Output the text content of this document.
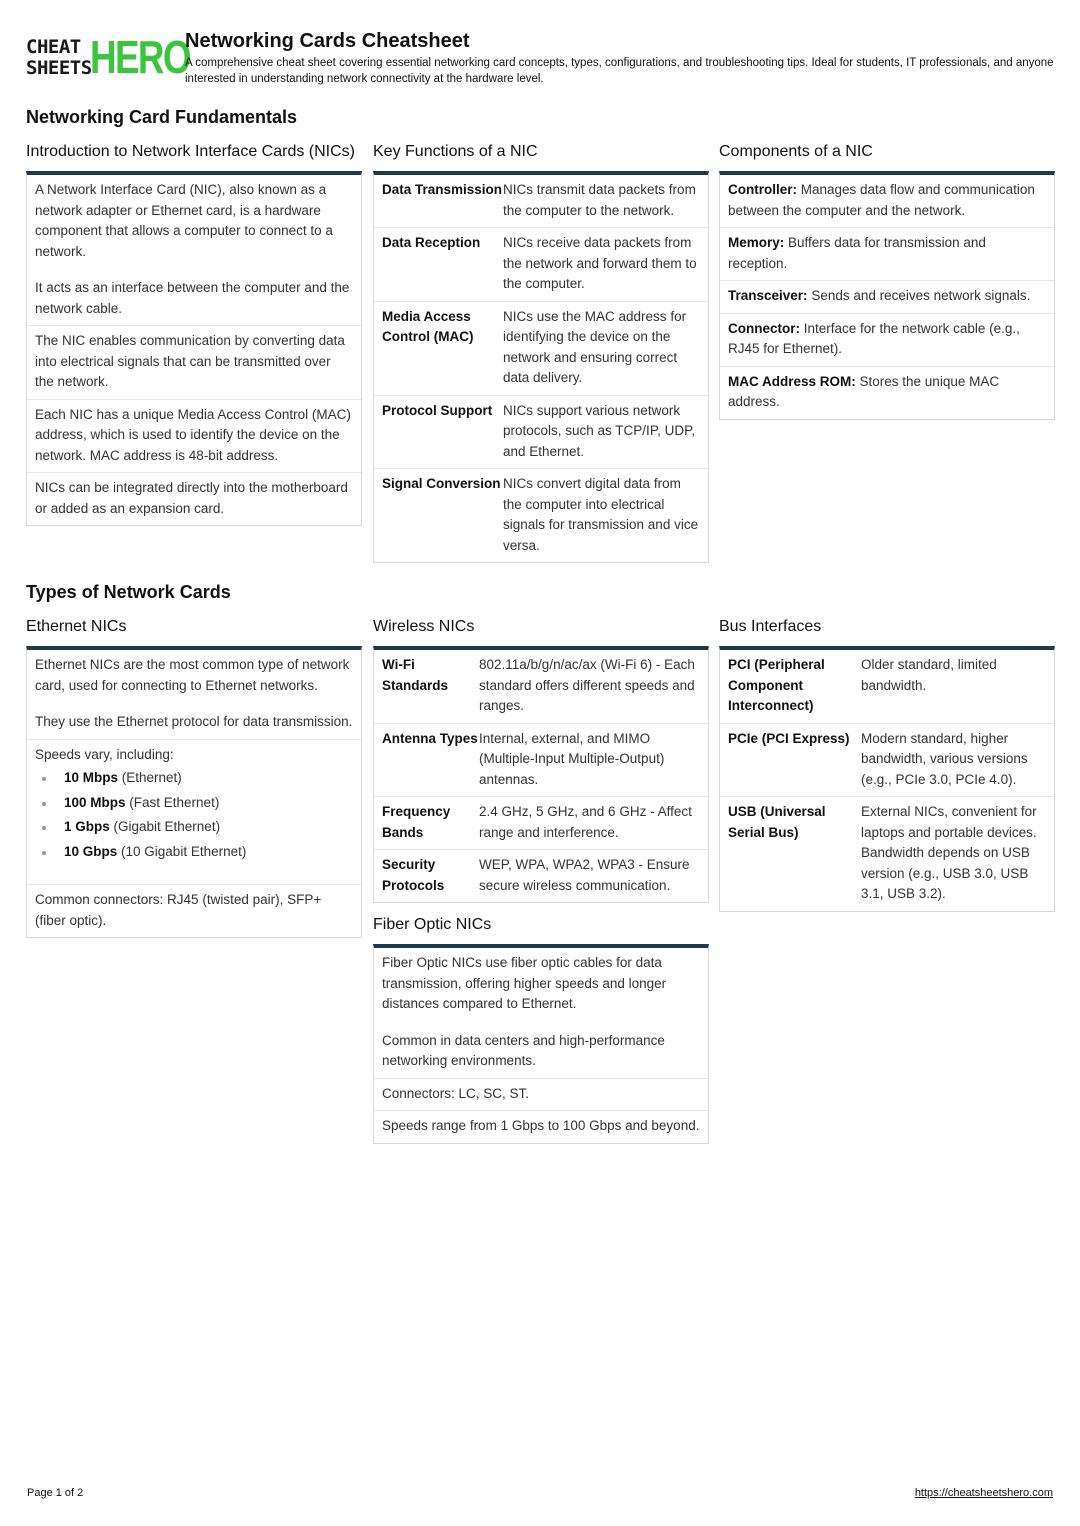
CHEAT
SHEETS
HERO
Networking Cards Cheatsheet
A comprehensive cheat sheet covering essential networking card concepts, types, configurations, and troubleshooting tips. Ideal for students, IT professionals, and anyone interested in understanding network connectivity at the hardware level.
Networking Card Fundamentals
Introduction to Network Interface Cards (NICs)

A Network Interface Card (NIC), also known as a network adapter or Ethernet card, is a hardware component that allows a computer to connect to a network.

It acts as an interface between the computer and the network cable.

The NIC enables communication by converting data into electrical signals that can be transmitted over the network.
Each NIC has a unique Media Access Control (MAC) address, which is used to identify the device on the network. MAC address is 48-bit address.
NICs can be integrated directly into the motherboard or added as an expansion card.
Key Functions of a NIC
Data Transmission NICs transmit data packets from the computer to the network.
Data Reception	NICs receive data packets from the network and forward them to the computer.
Media Access Control (MAC)
NICs use the MAC address for identifying the device on the network and ensuring correct data delivery.
Protocol Support NICs support various network protocols, such as TCP/IP, UDP, and Ethernet.
Signal Conversion NICs convert digital data from the computer into electrical signals for transmission and vice versa.
Components of a NIC
Controller: Manages data flow and communication between the computer and the network.
Memory: Buffers data for transmission and reception.
Transceiver: Sends and receives network signals.
Connector: Interface for the network cable (e.g., RJ45 for Ethernet).
MAC Address ROM: Stores the unique MAC address.
Types of Network Cards
Ethernet NICs

Ethernet NICs are the most common type of network card, used for connecting to Ethernet networks.

They use the Ethernet protocol for data transmission.

Speeds vary, including:
10 Mbps (Ethernet)
100 Mbps (Fast Ethernet)
1 Gbps (Gigabit Ethernet)
10 Gbps (10 Gigabit Ethernet)
Common connectors: RJ45 (twisted pair), SFP+ (fiber optic).
Wireless NICs
Wi-Fi Standards
802.11a/b/g/n/ac/ax (Wi-Fi 6) - Each standard offers different speeds and ranges.
Antenna Types Internal, external, and MIMO (Multiple-Input Multiple-Output) antennas.
Frequency Bands
2.4 GHz, 5 GHz, and 6 GHz - Affect range and interference.
Security Protocols
WEP, WPA, WPA2, WPA3 - Ensure secure wireless communication.
Fiber Optic NICs

Fiber Optic NICs use fiber optic cables for data transmission, offering higher speeds and longer distances compared to Ethernet.

Common in data centers and high-performance networking environments.

Connectors: LC, SC, ST.
Speeds range from 1 Gbps to 100 Gbps and beyond.
Bus Interfaces
PCI (Peripheral Component Interconnect)
Older standard, limited bandwidth.
PCIe (PCI Express) Modern standard, higher bandwidth, various versions (e.g., PCIe 3.0, PCIe 4.0).
USB (Universal Serial Bus)
External NICs, convenient for laptops and portable devices. Bandwidth depends on USB version (e.g., USB 3.0, USB 3.1, USB 3.2).
Page 1 of 2	https://cheatsheetshero.com
